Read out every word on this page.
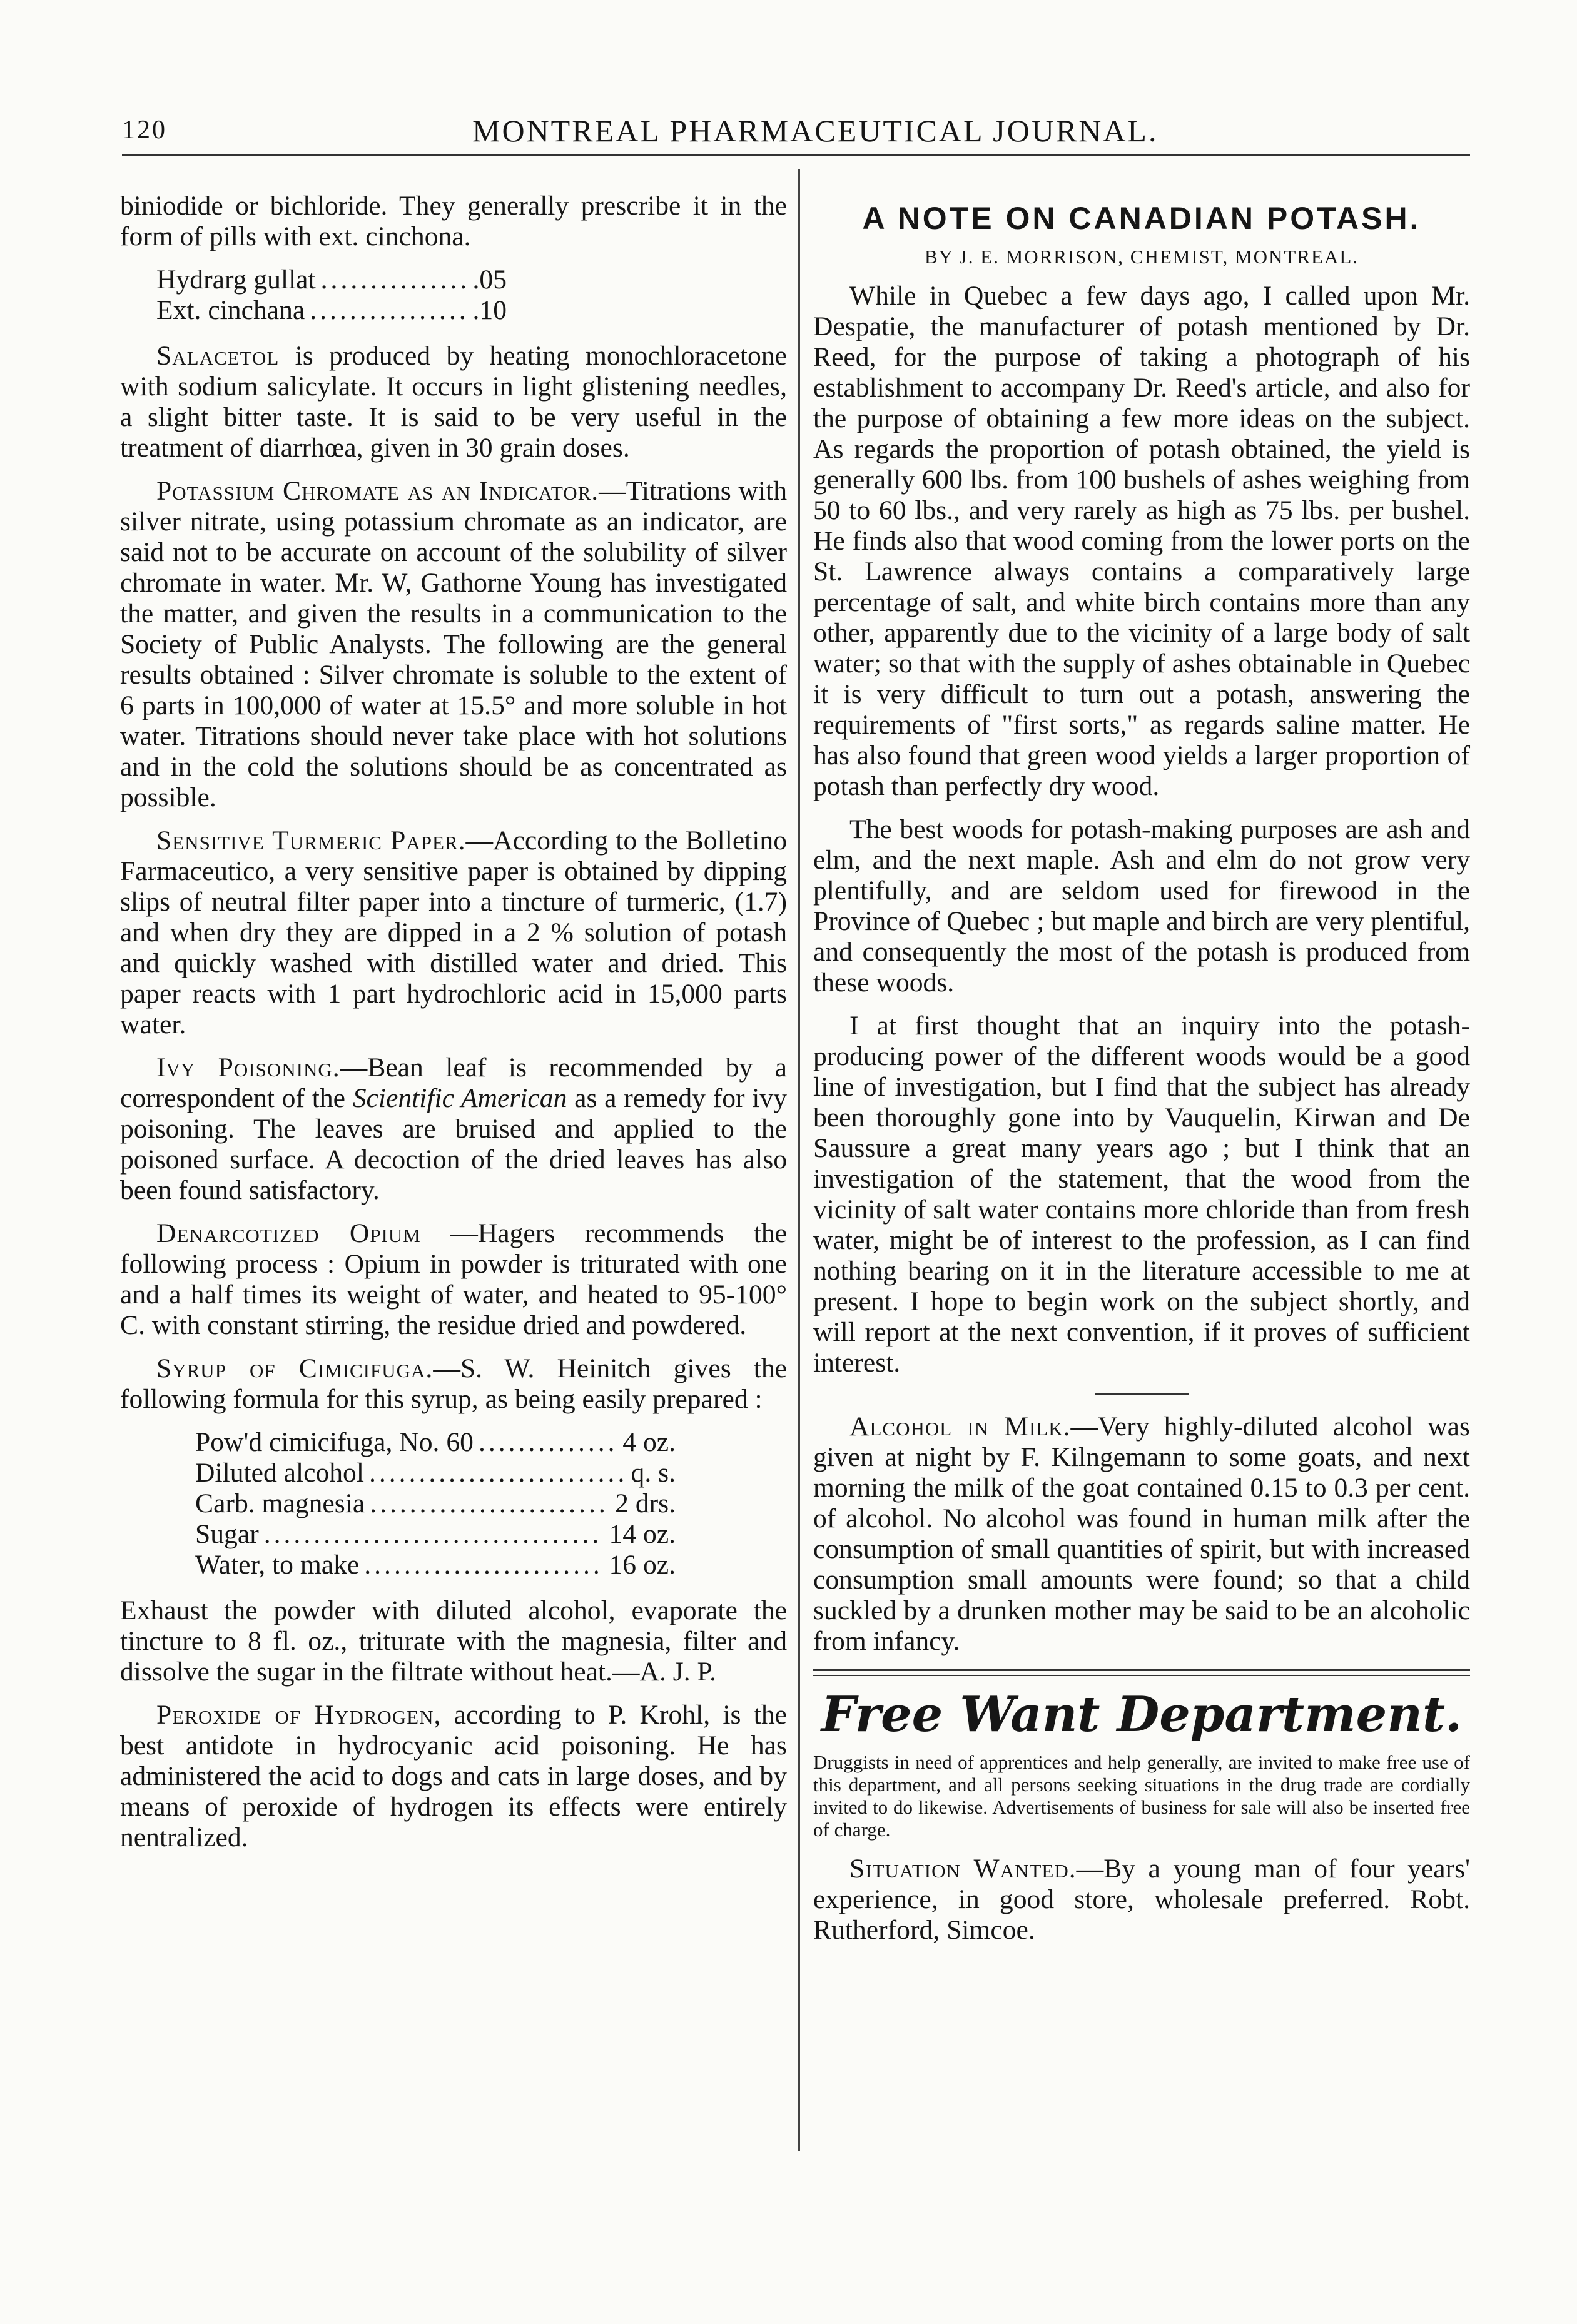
120	MONTREAL PHARMACEUTICAL JOURNAL.

biniodide or bichloride. They generally prescribe it in the form of pills with ext. cinchona.

Hydrarg gullat .....	.05
Ext. cinchana .....	.10

Salacetol is produced by heating monochloracetone with sodium salicylate. It occurs in light glistening needles, a slight bitter taste. It is said to be very useful in the treatment of diarrhœa, given in 30 grain doses.

Potassium Chromate as an Indicator.—Titrations with silver nitrate, using potassium chromate as an indicator, are said not to be accurate on account of the solubility of silver chromate in water. Mr. W, Gathorne Young has investigated the matter, and given the results in a communication to the Society of Public Analysts. The following are the general results obtained : Silver chromate is soluble to the extent of 6 parts in 100,000 of water at 15.5° and more soluble in hot water. Titrations should never take place with hot solutions and in the cold the solutions should be as concentrated as possible.

Sensitive Turmeric Paper.—According to the Bolletino Farmaceutico, a very sensitive paper is obtained by dipping slips of neutral filter paper into a tincture of turmeric, (1.7) and when dry they are dipped in a 2 % solution of potash and quickly washed with distilled water and dried. This paper reacts with 1 part hydrochloric acid in 15,000 parts water.

Ivy Poisoning.—Bean leaf is recommended by a correspondent of the Scientific American as a remedy for ivy poisoning. The leaves are bruised and applied to the poisoned surface. A decoction of the dried leaves has also been found satisfactory.

Denarcotized Opium —Hagers recommends the following process : Opium in powder is triturated with one and a half times its weight of water, and heated to 95-100° C. with constant stirring, the residue dried and powdered.

Syrup of Cimicifuga.—S. W. Heinitch gives the following formula for this syrup, as being easily prepared :

Pow'd cimicifuga, No. 60 .....	4 oz.
Diluted alcohol .....	q. s.
Carb. magnesia .....	2 drs.
Sugar .....	14 oz.
Water, to make .....	16 oz.

Exhaust the powder with diluted alcohol, evaporate the tincture to 8 fl. oz., triturate with the magnesia, filter and dissolve the sugar in the filtrate without heat.—A. J. P.

Peroxide of Hydrogen, according to P. Krohl, is the best antidote in hydrocyanic acid poisoning. He has administered the acid to dogs and cats in large doses, and by means of peroxide of hydrogen its effects were entirely nentralized.

A NOTE ON CANADIAN POTASH.
BY J. E. MORRISON, CHEMIST, MONTREAL.

While in Quebec a few days ago, I called upon Mr. Despatie, the manufacturer of potash mentioned by Dr. Reed, for the purpose of taking a photograph of his establishment to accompany Dr. Reed's article, and also for the purpose of obtaining a few more ideas on the subject. As regards the proportion of potash obtained, the yield is generally 600 lbs. from 100 bushels of ashes weighing from 50 to 60 lbs., and very rarely as high as 75 lbs. per bushel. He finds also that wood coming from the lower ports on the St. Lawrence always contains a comparatively large percentage of salt, and white birch contains more than any other, apparently due to the vicinity of a large body of salt water; so that with the supply of ashes obtainable in Quebec it is very difficult to turn out a potash, answering the requirements of "first sorts," as regards saline matter. He has also found that green wood yields a larger proportion of potash than perfectly dry wood.

The best woods for potash-making purposes are ash and elm, and the next maple. Ash and elm do not grow very plentifully, and are seldom used for firewood in the Province of Quebec ; but maple and birch are very plentiful, and consequently the most of the potash is produced from these woods.

I at first thought that an inquiry into the potash-producing power of the different woods would be a good line of investigation, but I find that the subject has already been thoroughly gone into by Vauquelin, Kirwan and De Saussure a great many years ago ; but I think that an investigation of the statement, that the wood from the vicinity of salt water contains more chloride than from fresh water, might be of interest to the profession, as I can find nothing bearing on it in the literature accessible to me at present. I hope to begin work on the subject shortly, and will report at the next convention, if it proves of sufficient interest.

Alcohol in Milk.—Very highly-diluted alcohol was given at night by F. Kilngemann to some goats, and next morning the milk of the goat contained 0.15 to 0.3 per cent. of alcohol. No alcohol was found in human milk after the consumption of small quantities of spirit, but with increased consumption small amounts were found; so that a child suckled by a drunken mother may be said to be an alcoholic from infancy.

Free Want Department.

Druggists in need of apprentices and help generally, are invited to make free use of this department, and all persons seeking situations in the drug trade are cordially invited to do likewise. Advertisements of business for sale will also be inserted free of charge.

Situation Wanted.—By a young man of four years' experience, in good store, wholesale preferred. Robt. Rutherford, Simcoe.
